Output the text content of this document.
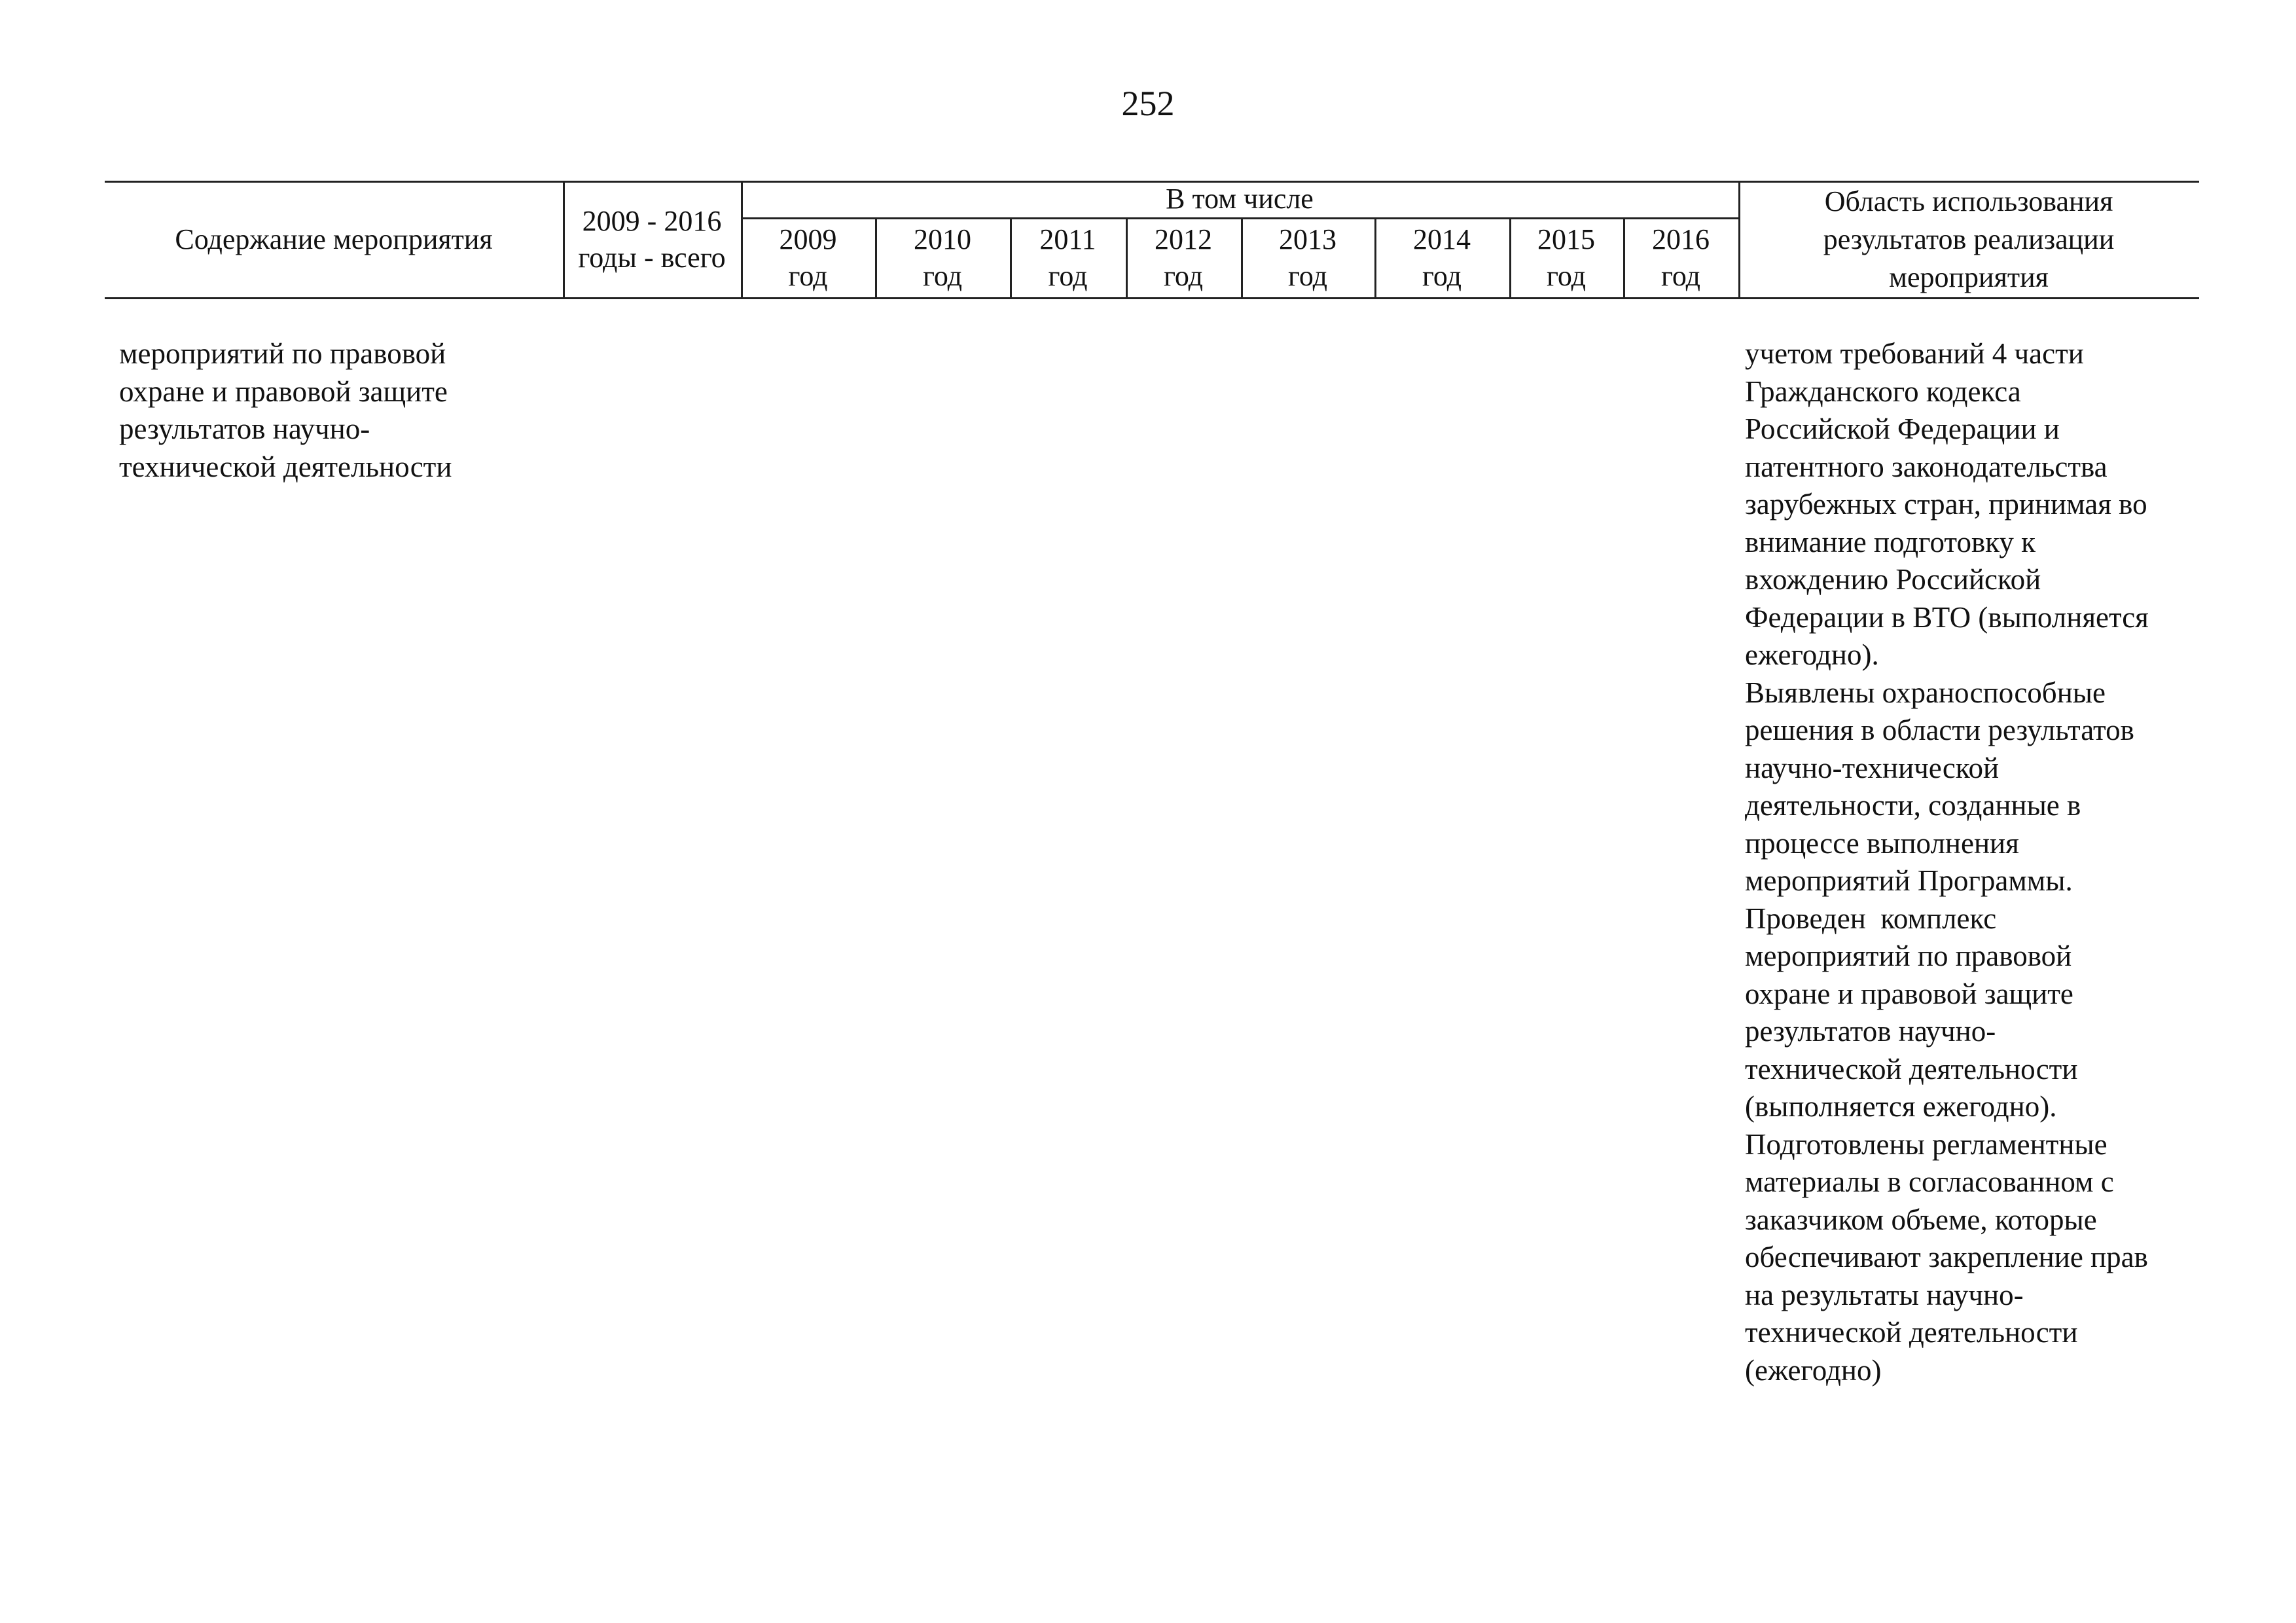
252
Содержание мероприятия
2009 - 2016
годы - всего
В том числе
2009
год
2010
год
2011
год
2012
год
2013
год
2014
год
2015
год
2016
год
Область использования
результатов реализации
мероприятия
мероприятий по правовой
охране и правовой защите
результатов научно-
технической деятельности
учетом требований 4 части
Гражданского кодекса
Российской Федерации и
патентного законодательства
зарубежных стран, принимая во
внимание подготовку к
вхождению Российской
Федерации в ВТО (выполняется
ежегодно).
Выявлены охраноспособные
решения в области результатов
научно-технической
деятельности, созданные в
процессе выполнения
мероприятий Программы.
Проведен  комплекс
мероприятий по правовой
охране и правовой защите
результатов научно-
технической деятельности
(выполняется ежегодно).
Подготовлены регламентные
материалы в согласованном с
заказчиком объеме, которые
обеспечивают закрепление прав
на результаты научно-
технической деятельности
(ежегодно)
